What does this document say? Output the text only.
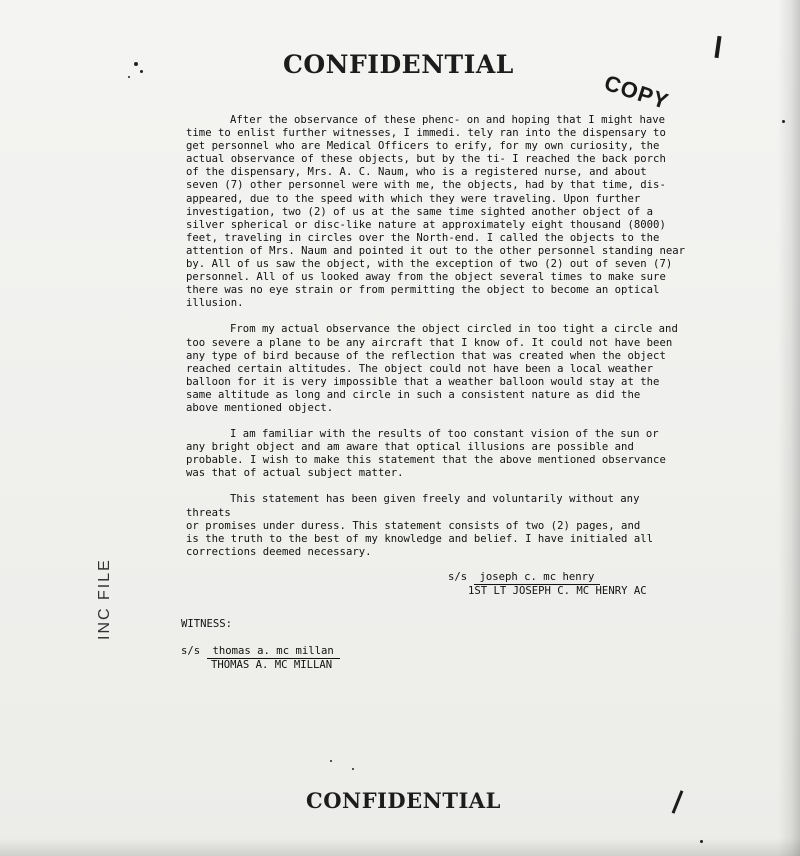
CONFIDENTIAL
COPY

After the observance of these phenc- on and hoping that I might have
time to enlist further witnesses, I immedi. tely ran into the dispensary to
get personnel who are Medical Officers to erify, for my own curiosity, the
actual observance of these objects, but by the ti- I reached the back porch
of the dispensary, Mrs. A. C. Naum, who is a registered nurse, and about
seven (7) other personnel were with me, the objects, had by that time, dis-
appeared, due to the speed with which they were traveling. Upon further
investigation, two (2) of us at the same time sighted another object of a
silver spherical or disc-like nature at approximately eight thousand (8000)
feet, traveling in circles over the North-end. I called the objects to the
attention of Mrs. Naum and pointed it out to the other personnel standing near
by. All of us saw the object, with the exception of two (2) out of seven (7)
personnel. All of us looked away from the object several times to make sure
there was no eye strain or from permitting the object to become an optical
illusion.

From my actual observance the object circled in too tight a circle and
too severe a plane to be any aircraft that I know of. It could not have been
any type of bird because of the reflection that was created when the object
reached certain altitudes. The object could not have been a local weather
balloon for it is very impossible that a weather balloon would stay at the
same altitude as long and circle in such a consistent nature as did the
above mentioned object.

I am familiar with the results of too constant vision of the sun or
any bright object and am aware that optical illusions are possible and
probable. I wish to make this statement that the above mentioned observance
was that of actual subject matter.

This statement has been given freely and voluntarily without any threats
or promises under duress. This statement consists of two (2) pages, and
is the truth to the best of my knowledge and belief. I have initialed all
corrections deemed necessary.

s/s joseph c. mc henry
1ST LT JOSEPH C. MC HENRY AC
WITNESS:
s/s thomas a. mc millan
THOMAS A. MC MILLAN
INC FILE
CONFIDENTIAL
